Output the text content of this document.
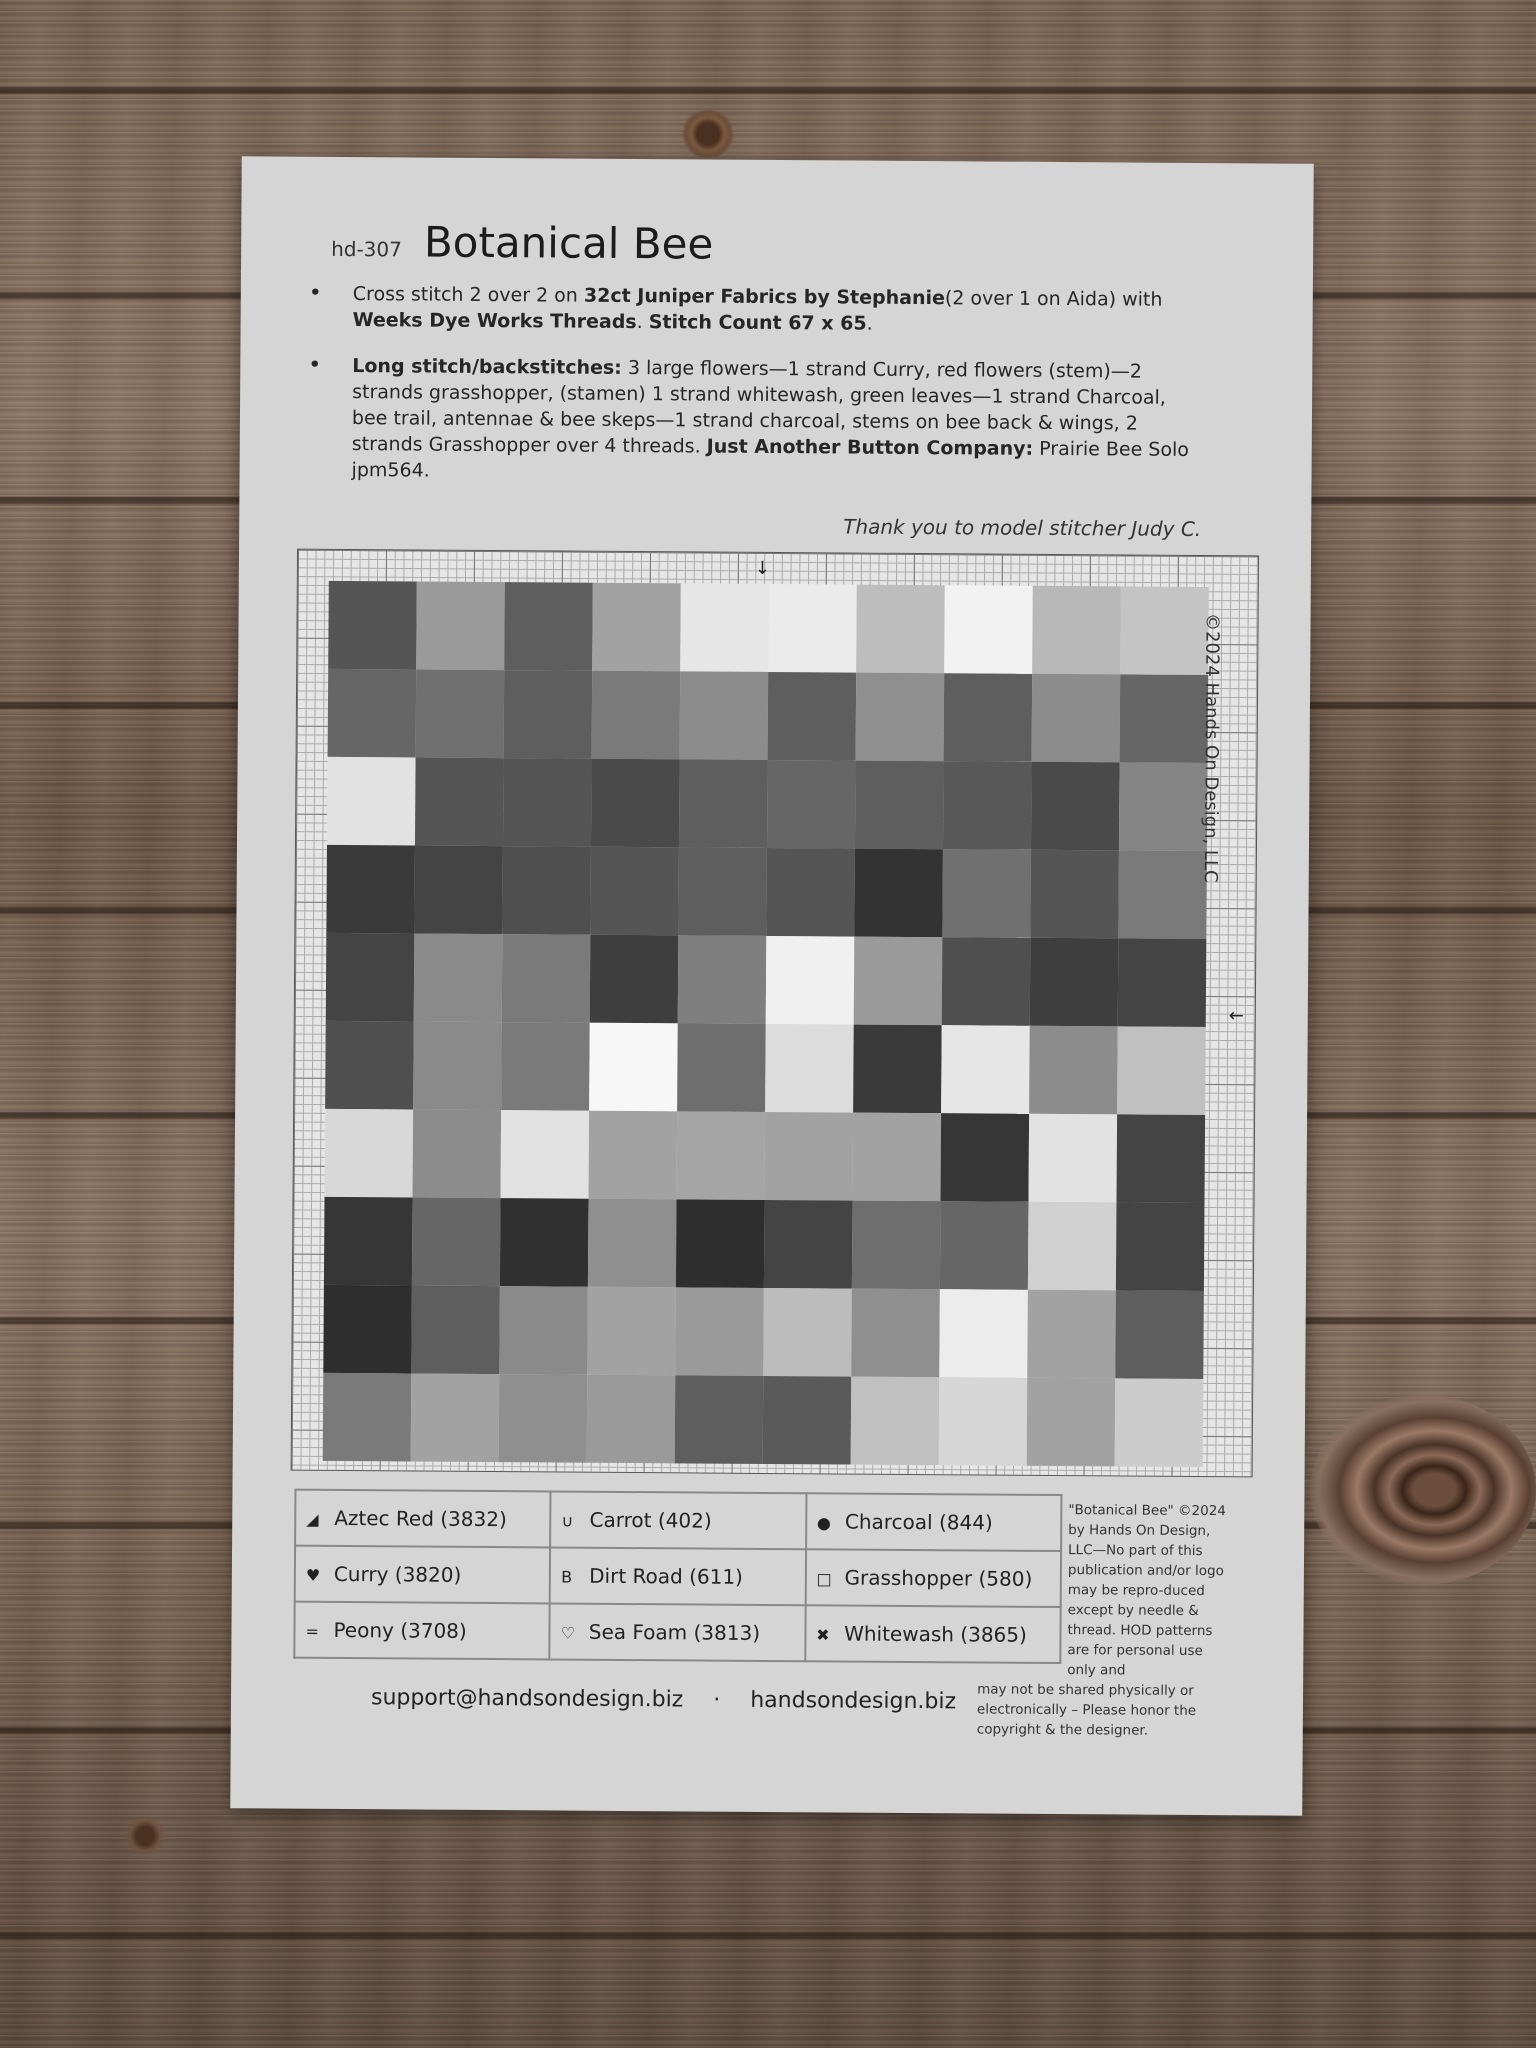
hd-307 Botanical Bee
• Cross stitch 2 over 2 on 32ct Juniper Fabrics by Stephanie(2 over 1 on Aida) with Weeks Dye Works Threads. Stitch Count 67 x 65.
• Long stitch/backstitches: 3 large flowers—1 strand Curry, red flowers (stem)—2 strands grasshopper, (stamen) 1 strand whitewash, green leaves—1 strand Charcoal, bee trail, antennae & bee skeps—1 strand charcoal, stems on bee back & wings, 2 strands Grasshopper over 4 threads. Just Another Button Company: Prairie Bee Solo jpm564.
Thank you to model stitcher Judy C.
↓
←
©2024 Hands On Design, LLC
◢ Aztec Red (3832)	∪ Carrot (402)	● Charcoal (844)
♥ Curry (3820)	B Dirt Road (611)	□ Grasshopper (580)
= Peony (3708)	♡ Sea Foam (3813)	✖ Whitewash (3865)
"Botanical Bee" ©2024 by Hands On Design, LLC—No part of this publication and/or logo may be repro-duced except by needle & thread. HOD patterns are for personal use only and
may not be shared physically or electronically – Please honor the copyright & the designer.
support@handsondesign.biz · handsondesign.biz
